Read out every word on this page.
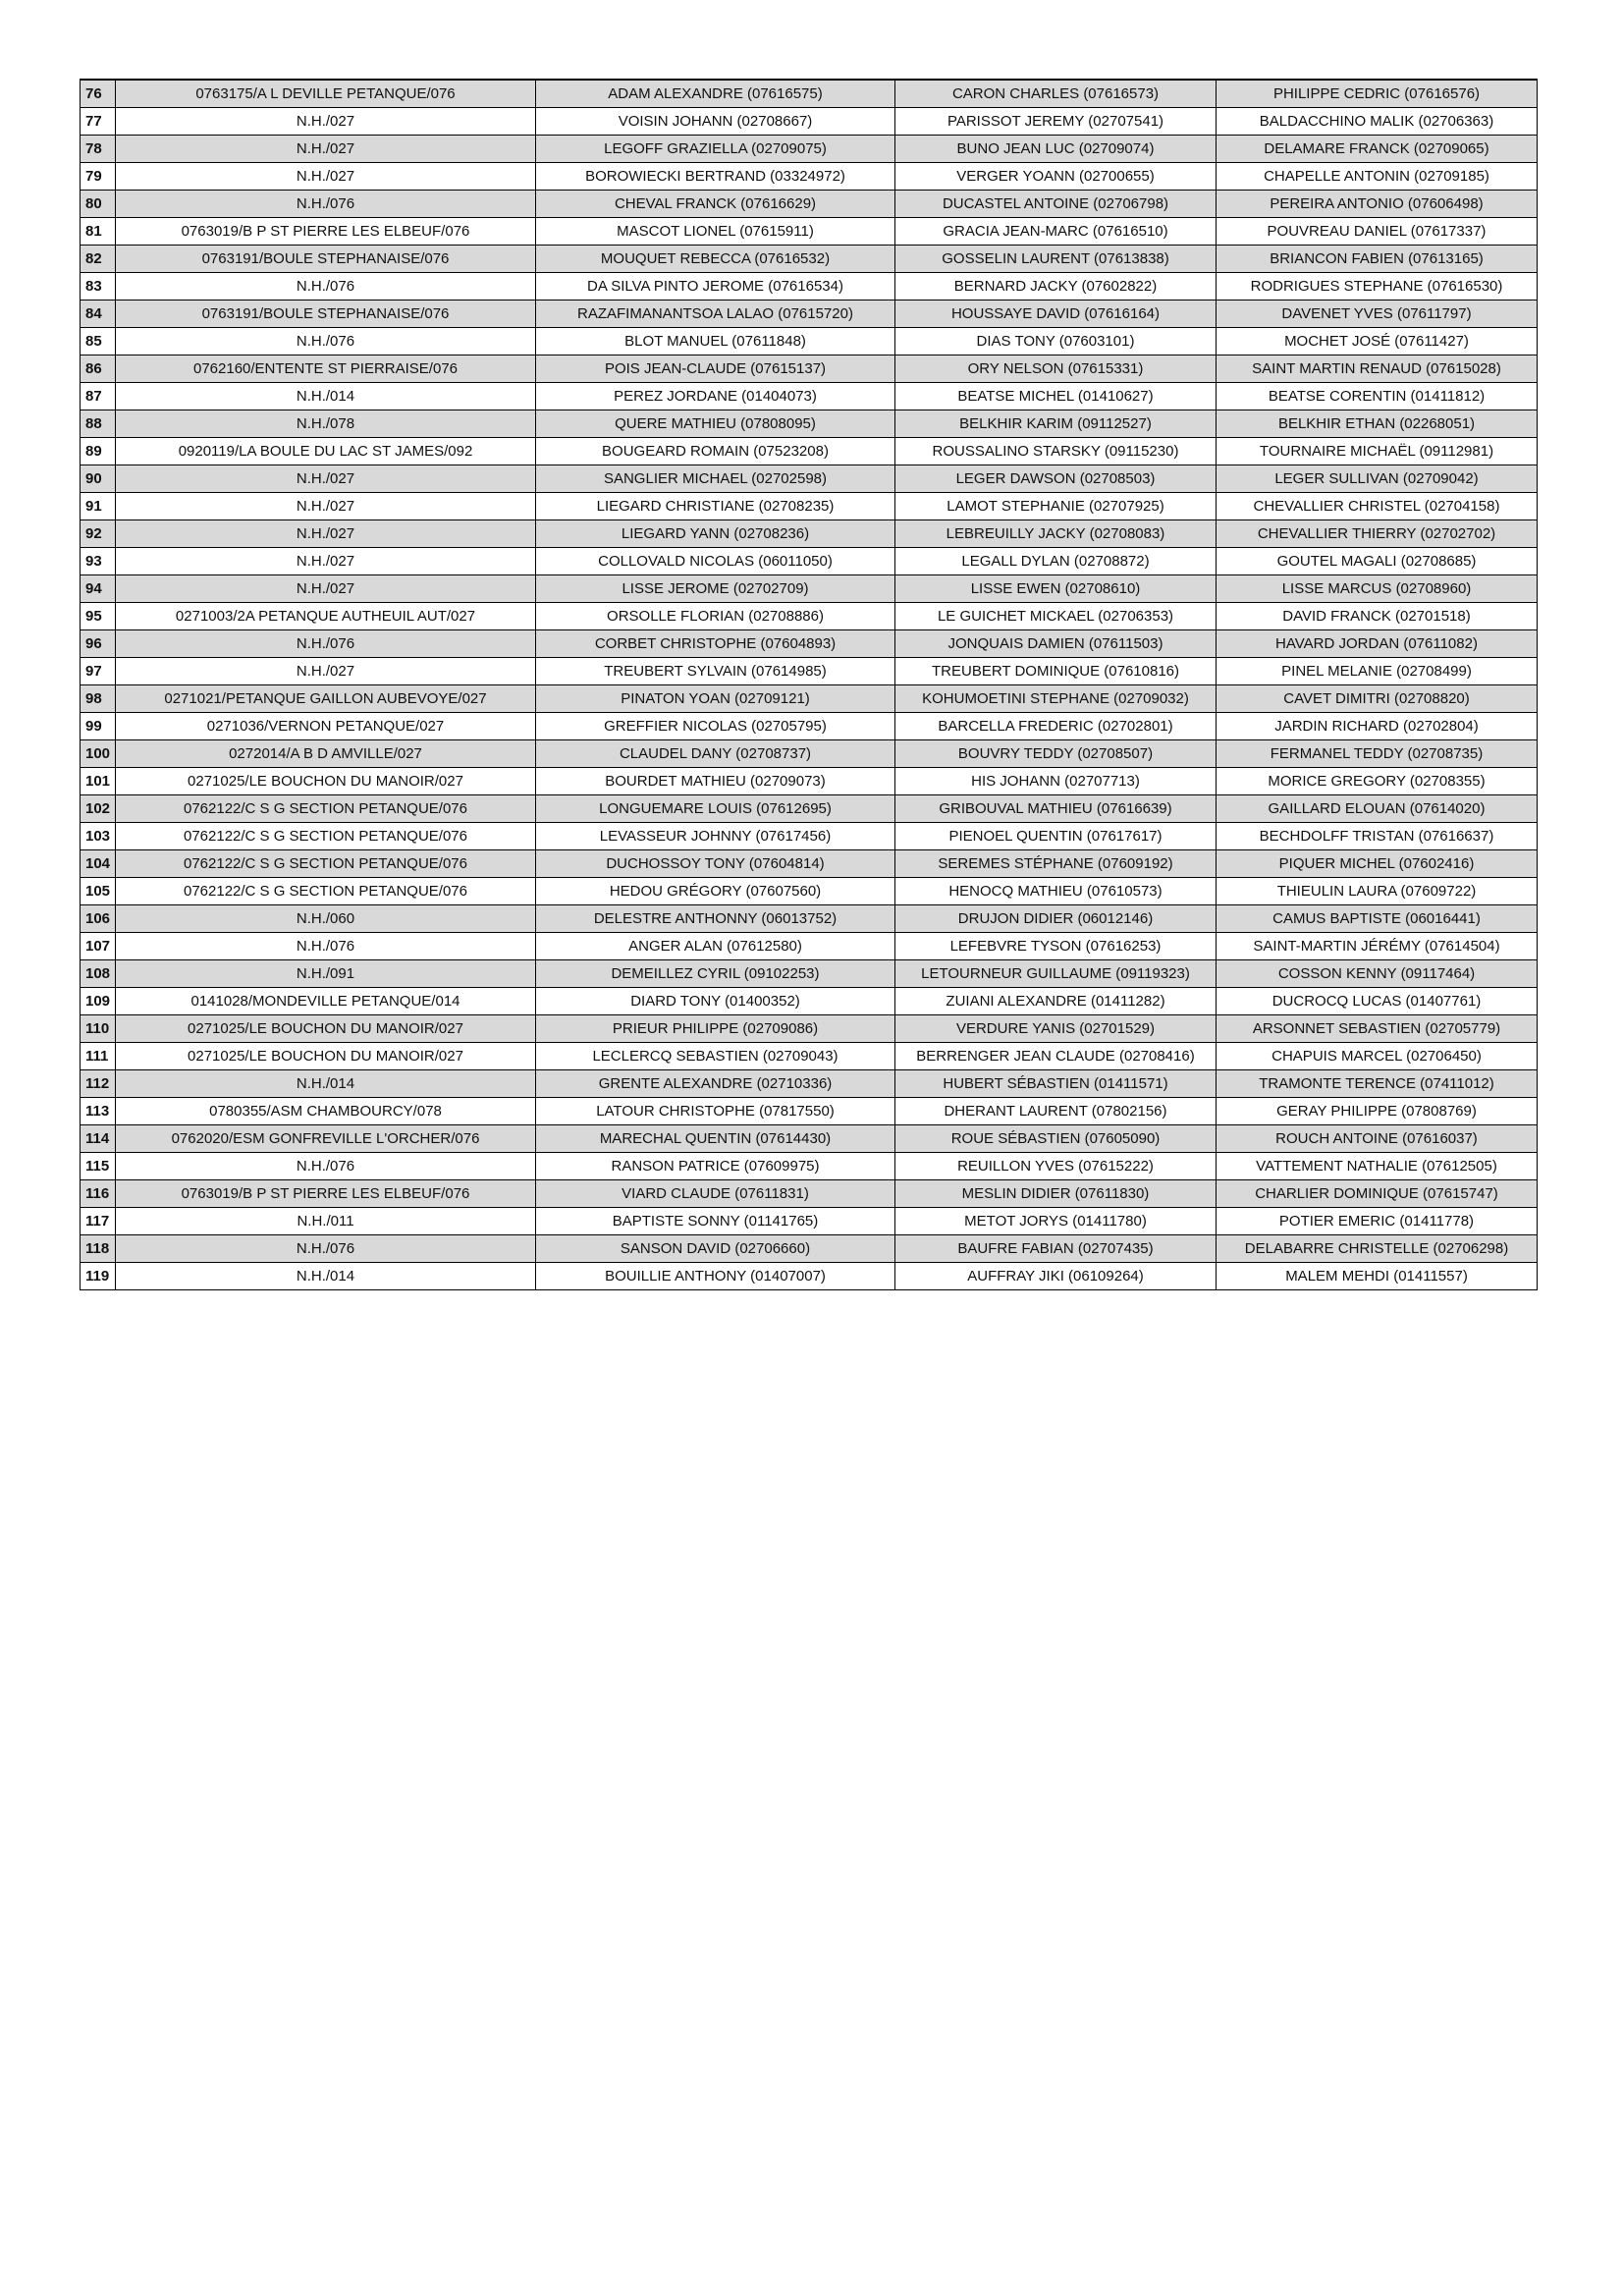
76	0763175/A L DEVILLE PETANQUE/076	ADAM ALEXANDRE (07616575)	CARON CHARLES (07616573)	PHILIPPE CEDRIC (07616576)
77	N.H./027	VOISIN JOHANN (02708667)	PARISSOT JEREMY (02707541)	BALDACCHINO MALIK (02706363)
78	N.H./027	LEGOFF GRAZIELLA (02709075)	BUNO JEAN LUC (02709074)	DELAMARE FRANCK (02709065)
79	N.H./027	BOROWIECKI BERTRAND (03324972)	VERGER YOANN (02700655)	CHAPELLE ANTONIN (02709185)
80	N.H./076	CHEVAL FRANCK (07616629)	DUCASTEL ANTOINE (02706798)	PEREIRA ANTONIO (07606498)
81	0763019/B P ST PIERRE LES ELBEUF/076	MASCOT LIONEL (07615911)	GRACIA JEAN-MARC (07616510)	POUVREAU DANIEL (07617337)
82	0763191/BOULE STEPHANAISE/076	MOUQUET REBECCA (07616532)	GOSSELIN LAURENT (07613838)	BRIANCON FABIEN (07613165)
83	N.H./076	DA SILVA PINTO JEROME (07616534)	BERNARD JACKY (07602822)	RODRIGUES STEPHANE (07616530)
84	0763191/BOULE STEPHANAISE/076	RAZAFIMANANTSOA LALAO (07615720)	HOUSSAYE DAVID (07616164)	DAVENET YVES (07611797)
85	N.H./076	BLOT MANUEL (07611848)	DIAS TONY (07603101)	MOCHET JOSÉ (07611427)
86	0762160/ENTENTE ST PIERRAISE/076	POIS JEAN-CLAUDE (07615137)	ORY NELSON (07615331)	SAINT MARTIN RENAUD (07615028)
87	N.H./014	PEREZ JORDANE (01404073)	BEATSE MICHEL (01410627)	BEATSE CORENTIN (01411812)
88	N.H./078	QUERE MATHIEU (07808095)	BELKHIR KARIM (09112527)	BELKHIR ETHAN (02268051)
89	0920119/LA BOULE DU LAC ST JAMES/092	BOUGEARD ROMAIN (07523208)	ROUSSALINO STARSKY (09115230)	TOURNAIRE MICHAËL (09112981)
90	N.H./027	SANGLIER MICHAEL (02702598)	LEGER DAWSON (02708503)	LEGER SULLIVAN (02709042)
91	N.H./027	LIEGARD CHRISTIANE (02708235)	LAMOT STEPHANIE (02707925)	CHEVALLIER CHRISTEL (02704158)
92	N.H./027	LIEGARD YANN (02708236)	LEBREUILLY JACKY (02708083)	CHEVALLIER THIERRY (02702702)
93	N.H./027	COLLOVALD NICOLAS (06011050)	LEGALL DYLAN (02708872)	GOUTEL MAGALI (02708685)
94	N.H./027	LISSE JEROME (02702709)	LISSE EWEN (02708610)	LISSE MARCUS (02708960)
95	0271003/2A PETANQUE AUTHEUIL AUT/027	ORSOLLE FLORIAN (02708886)	LE GUICHET MICKAEL (02706353)	DAVID FRANCK (02701518)
96	N.H./076	CORBET CHRISTOPHE (07604893)	JONQUAIS DAMIEN (07611503)	HAVARD JORDAN (07611082)
97	N.H./027	TREUBERT SYLVAIN (07614985)	TREUBERT DOMINIQUE (07610816)	PINEL MELANIE (02708499)
98	0271021/PETANQUE GAILLON AUBEVOYE/027	PINATON YOAN (02709121)	KOHUMOETINI STEPHANE (02709032)	CAVET DIMITRI (02708820)
99	0271036/VERNON PETANQUE/027	GREFFIER NICOLAS (02705795)	BARCELLA FREDERIC (02702801)	JARDIN RICHARD (02702804)
100	0272014/A B D AMVILLE/027	CLAUDEL DANY (02708737)	BOUVRY TEDDY (02708507)	FERMANEL TEDDY (02708735)
101	0271025/LE BOUCHON DU MANOIR/027	BOURDET MATHIEU (02709073)	HIS JOHANN (02707713)	MORICE GREGORY (02708355)
102	0762122/C S G SECTION PETANQUE/076	LONGUEMARE LOUIS (07612695)	GRIBOUVAL MATHIEU (07616639)	GAILLARD ELOUAN (07614020)
103	0762122/C S G SECTION PETANQUE/076	LEVASSEUR JOHNNY (07617456)	PIENOEL QUENTIN (07617617)	BECHDOLFF TRISTAN (07616637)
104	0762122/C S G SECTION PETANQUE/076	DUCHOSSOY TONY (07604814)	SEREMES STÉPHANE (07609192)	PIQUER MICHEL (07602416)
105	0762122/C S G SECTION PETANQUE/076	HEDOU GRÉGORY (07607560)	HENOCQ MATHIEU (07610573)	THIEULIN LAURA (07609722)
106	N.H./060	DELESTRE ANTHONNY (06013752)	DRUJON DIDIER (06012146)	CAMUS BAPTISTE (06016441)
107	N.H./076	ANGER ALAN (07612580)	LEFEBVRE TYSON (07616253)	SAINT-MARTIN JÉRÉMY (07614504)
108	N.H./091	DEMEILLEZ CYRIL (09102253)	LETOURNEUR GUILLAUME (09119323)	COSSON KENNY (09117464)
109	0141028/MONDEVILLE PETANQUE/014	DIARD TONY (01400352)	ZUIANI ALEXANDRE (01411282)	DUCROCQ LUCAS (01407761)
110	0271025/LE BOUCHON DU MANOIR/027	PRIEUR PHILIPPE (02709086)	VERDURE YANIS (02701529)	ARSONNET SEBASTIEN (02705779)
111	0271025/LE BOUCHON DU MANOIR/027	LECLERCQ SEBASTIEN (02709043)	BERRENGER JEAN CLAUDE (02708416)	CHAPUIS MARCEL (02706450)
112	N.H./014	GRENTE ALEXANDRE (02710336)	HUBERT SÉBASTIEN (01411571)	TRAMONTE TERENCE (07411012)
113	0780355/ASM CHAMBOURCY/078	LATOUR CHRISTOPHE (07817550)	DHERANT LAURENT (07802156)	GERAY PHILIPPE (07808769)
114	0762020/ESM GONFREVILLE L'ORCHER/076	MARECHAL QUENTIN (07614430)	ROUE SÉBASTIEN (07605090)	ROUCH ANTOINE (07616037)
115	N.H./076	RANSON PATRICE (07609975)	REUILLON YVES (07615222)	VATTEMENT NATHALIE (07612505)
116	0763019/B P ST PIERRE LES ELBEUF/076	VIARD CLAUDE (07611831)	MESLIN DIDIER (07611830)	CHARLIER DOMINIQUE (07615747)
117	N.H./011	BAPTISTE SONNY (01141765)	METOT JORYS (01411780)	POTIER EMERIC (01411778)
118	N.H./076	SANSON DAVID (02706660)	BAUFRE FABIAN (02707435)	DELABARRE CHRISTELLE (02706298)
119	N.H./014	BOUILLIE ANTHONY (01407007)	AUFFRAY JIKI (06109264)	MALEM MEHDI (01411557)
